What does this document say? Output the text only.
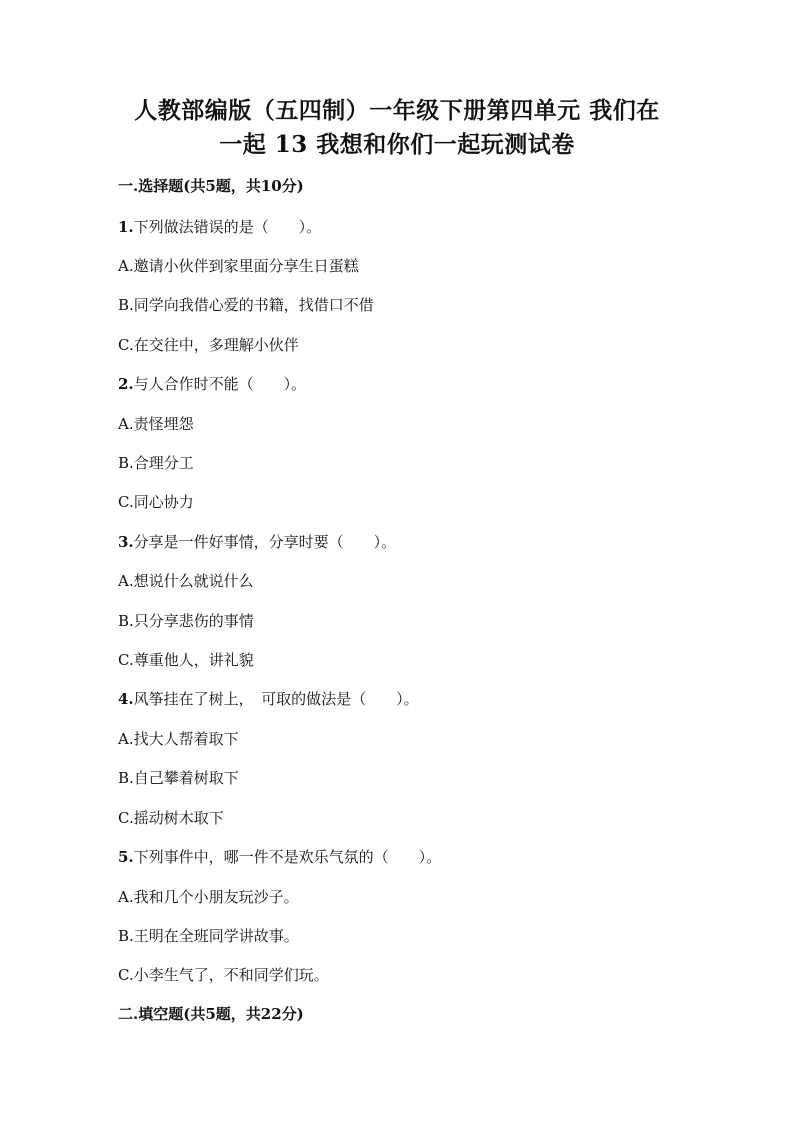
人教部编版（五四制）一年级下册第四单元 我们在
一起 13 我想和你们一起玩测试卷
一.选择题(共5题，共10分)
1.下列做法错误的是（　　）。
A.邀请小伙伴到家里面分享生日蛋糕
B.同学向我借心爱的书籍，找借口不借
C.在交往中，多理解小伙伴
2.与人合作时不能（　　）。
A.责怪埋怨
B.合理分工
C.同心协力
3.分享是一件好事情，分享时要（　　）。
A.想说什么就说什么
B.只分享悲伤的事情
C.尊重他人，讲礼貌
4.风筝挂在了树上，　可取的做法是（　　）。
A.找大人帮着取下
B.自己攀着树取下
C.摇动树木取下
5.下列事件中，哪一件不是欢乐气氛的（　　）。
A.我和几个小朋友玩沙子。
B.王明在全班同学讲故事。
C.小李生气了，不和同学们玩。
二.填空题(共5题，共22分)
